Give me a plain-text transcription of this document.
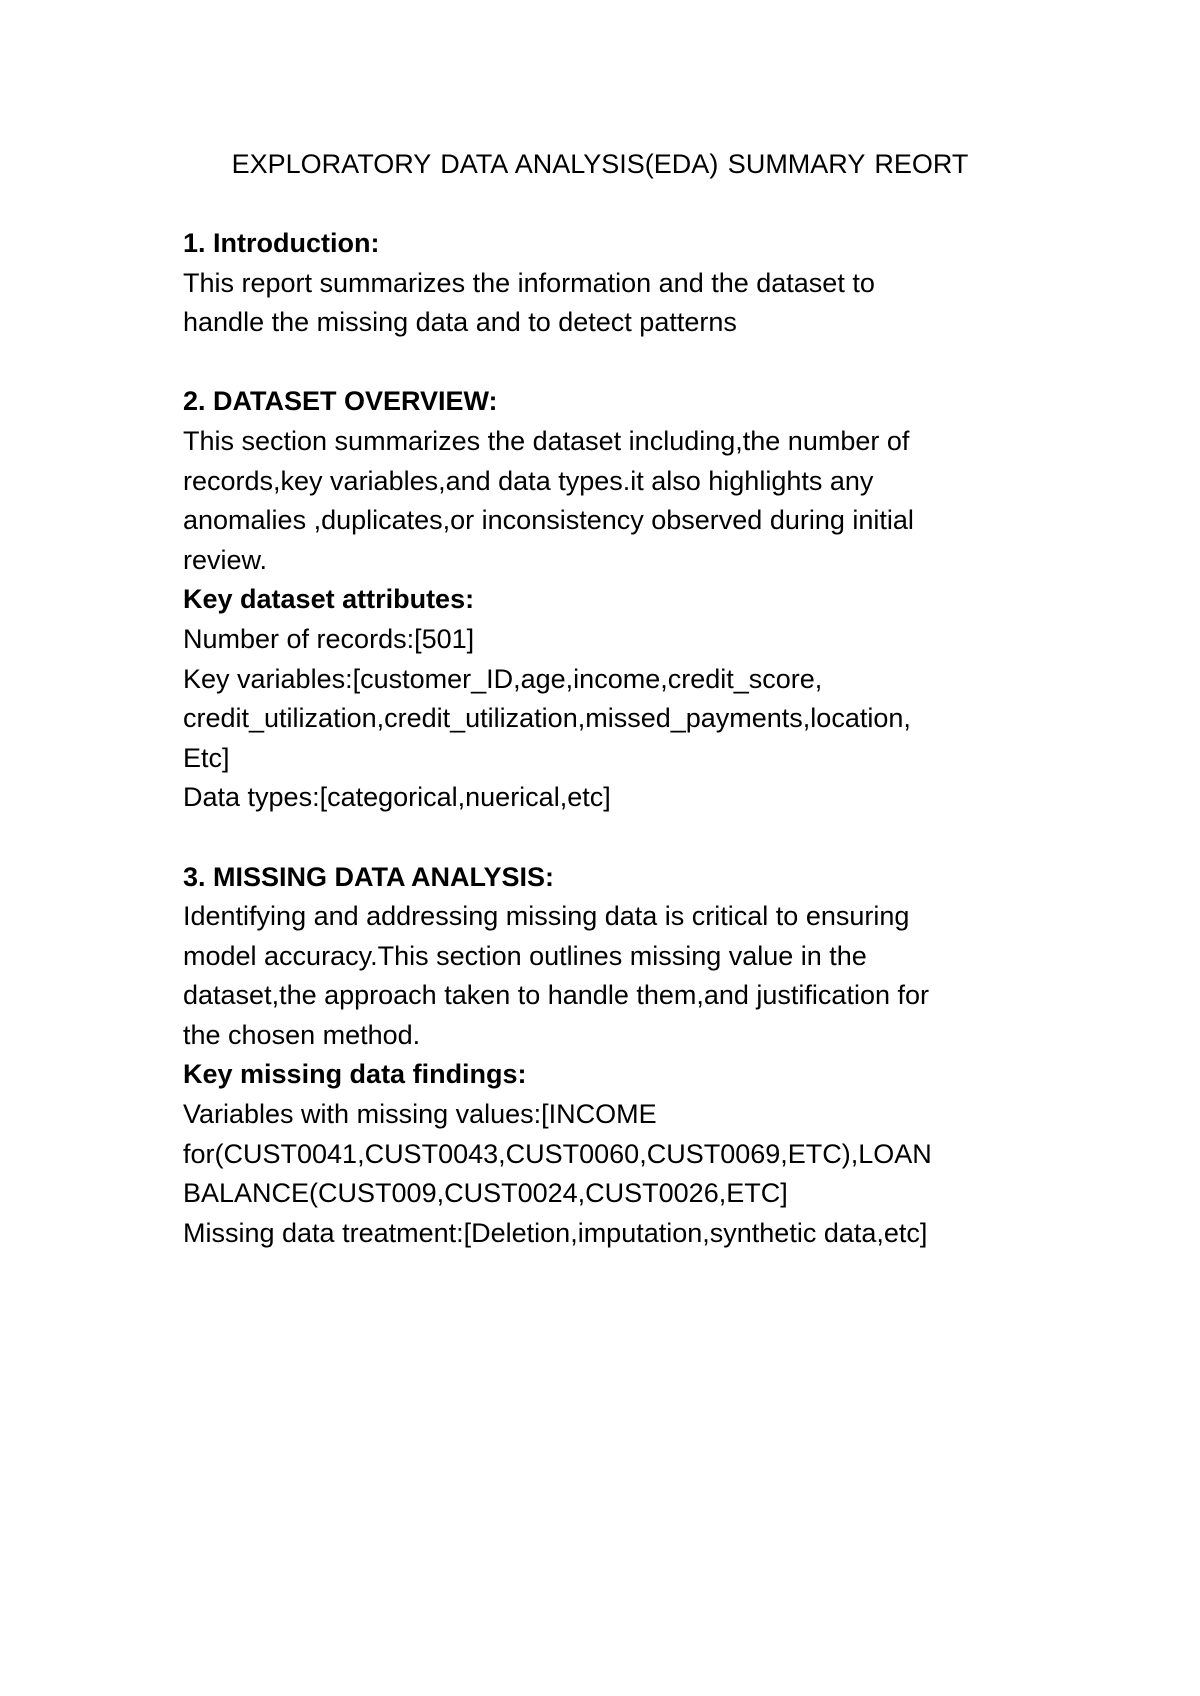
EXPLORATORY DATA ANALYSIS(EDA) SUMMARY REORT

1. Introduction:

This report summarizes the information and the dataset to

handle the missing data and to detect patterns

2. DATASET OVERVIEW:

This section summarizes the dataset including,the number of

records,key variables,and data types.it also highlights any

anomalies ,duplicates,or inconsistency observed during initial

review.

Key dataset attributes:

Number of records:[501]

Key variables:[customer_ID,age,income,credit_score,

credit_utilization,credit_utilization,missed_payments,location,

Etc]

Data types:[categorical,nuerical,etc]

3. MISSING DATA ANALYSIS:

Identifying and addressing missing data is critical to ensuring

model accuracy.This section outlines missing value in the

dataset,the approach taken to handle them,and justification for

the chosen method.

Key missing data findings:

Variables with missing values:[INCOME

for(CUST0041,CUST0043,CUST0060,CUST0069,ETC),LOAN

BALANCE(CUST009,CUST0024,CUST0026,ETC]

Missing data treatment:[Deletion,imputation,synthetic data,etc]
